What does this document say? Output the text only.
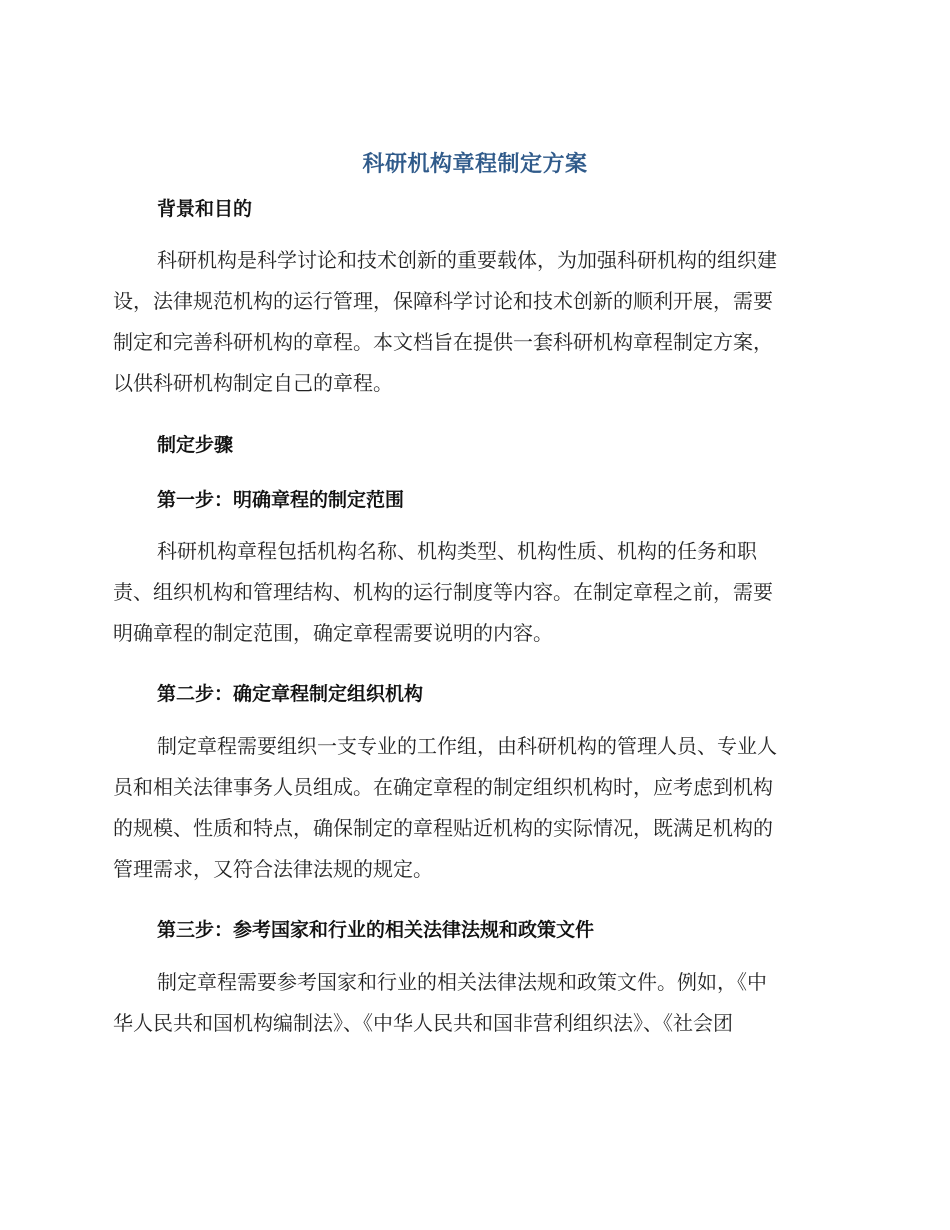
科研机构章程制定方案
背景和目的
科研机构是科学讨论和技术创新的重要载体，为加强科研机构的组织建
设，法律规范机构的运行管理，保障科学讨论和技术创新的顺利开展，需要
制定和完善科研机构的章程。本文档旨在提供一套科研机构章程制定方案，
以供科研机构制定自己的章程。
制定步骤
第一步：明确章程的制定范围
科研机构章程包括机构名称、机构类型、机构性质、机构的任务和职
责、组织机构和管理结构、机构的运行制度等内容。在制定章程之前，需要
明确章程的制定范围，确定章程需要说明的内容。
第二步：确定章程制定组织机构
制定章程需要组织一支专业的工作组，由科研机构的管理人员、专业人
员和相关法律事务人员组成。在确定章程的制定组织机构时，应考虑到机构
的规模、性质和特点，确保制定的章程贴近机构的实际情况，既满足机构的
管理需求，又符合法律法规的规定。
第三步：参考国家和行业的相关法律法规和政策文件
制定章程需要参考国家和行业的相关法律法规和政策文件。例如，《中
华人民共和国机构编制法》、《中华人民共和国非营利组织法》、《社会团
